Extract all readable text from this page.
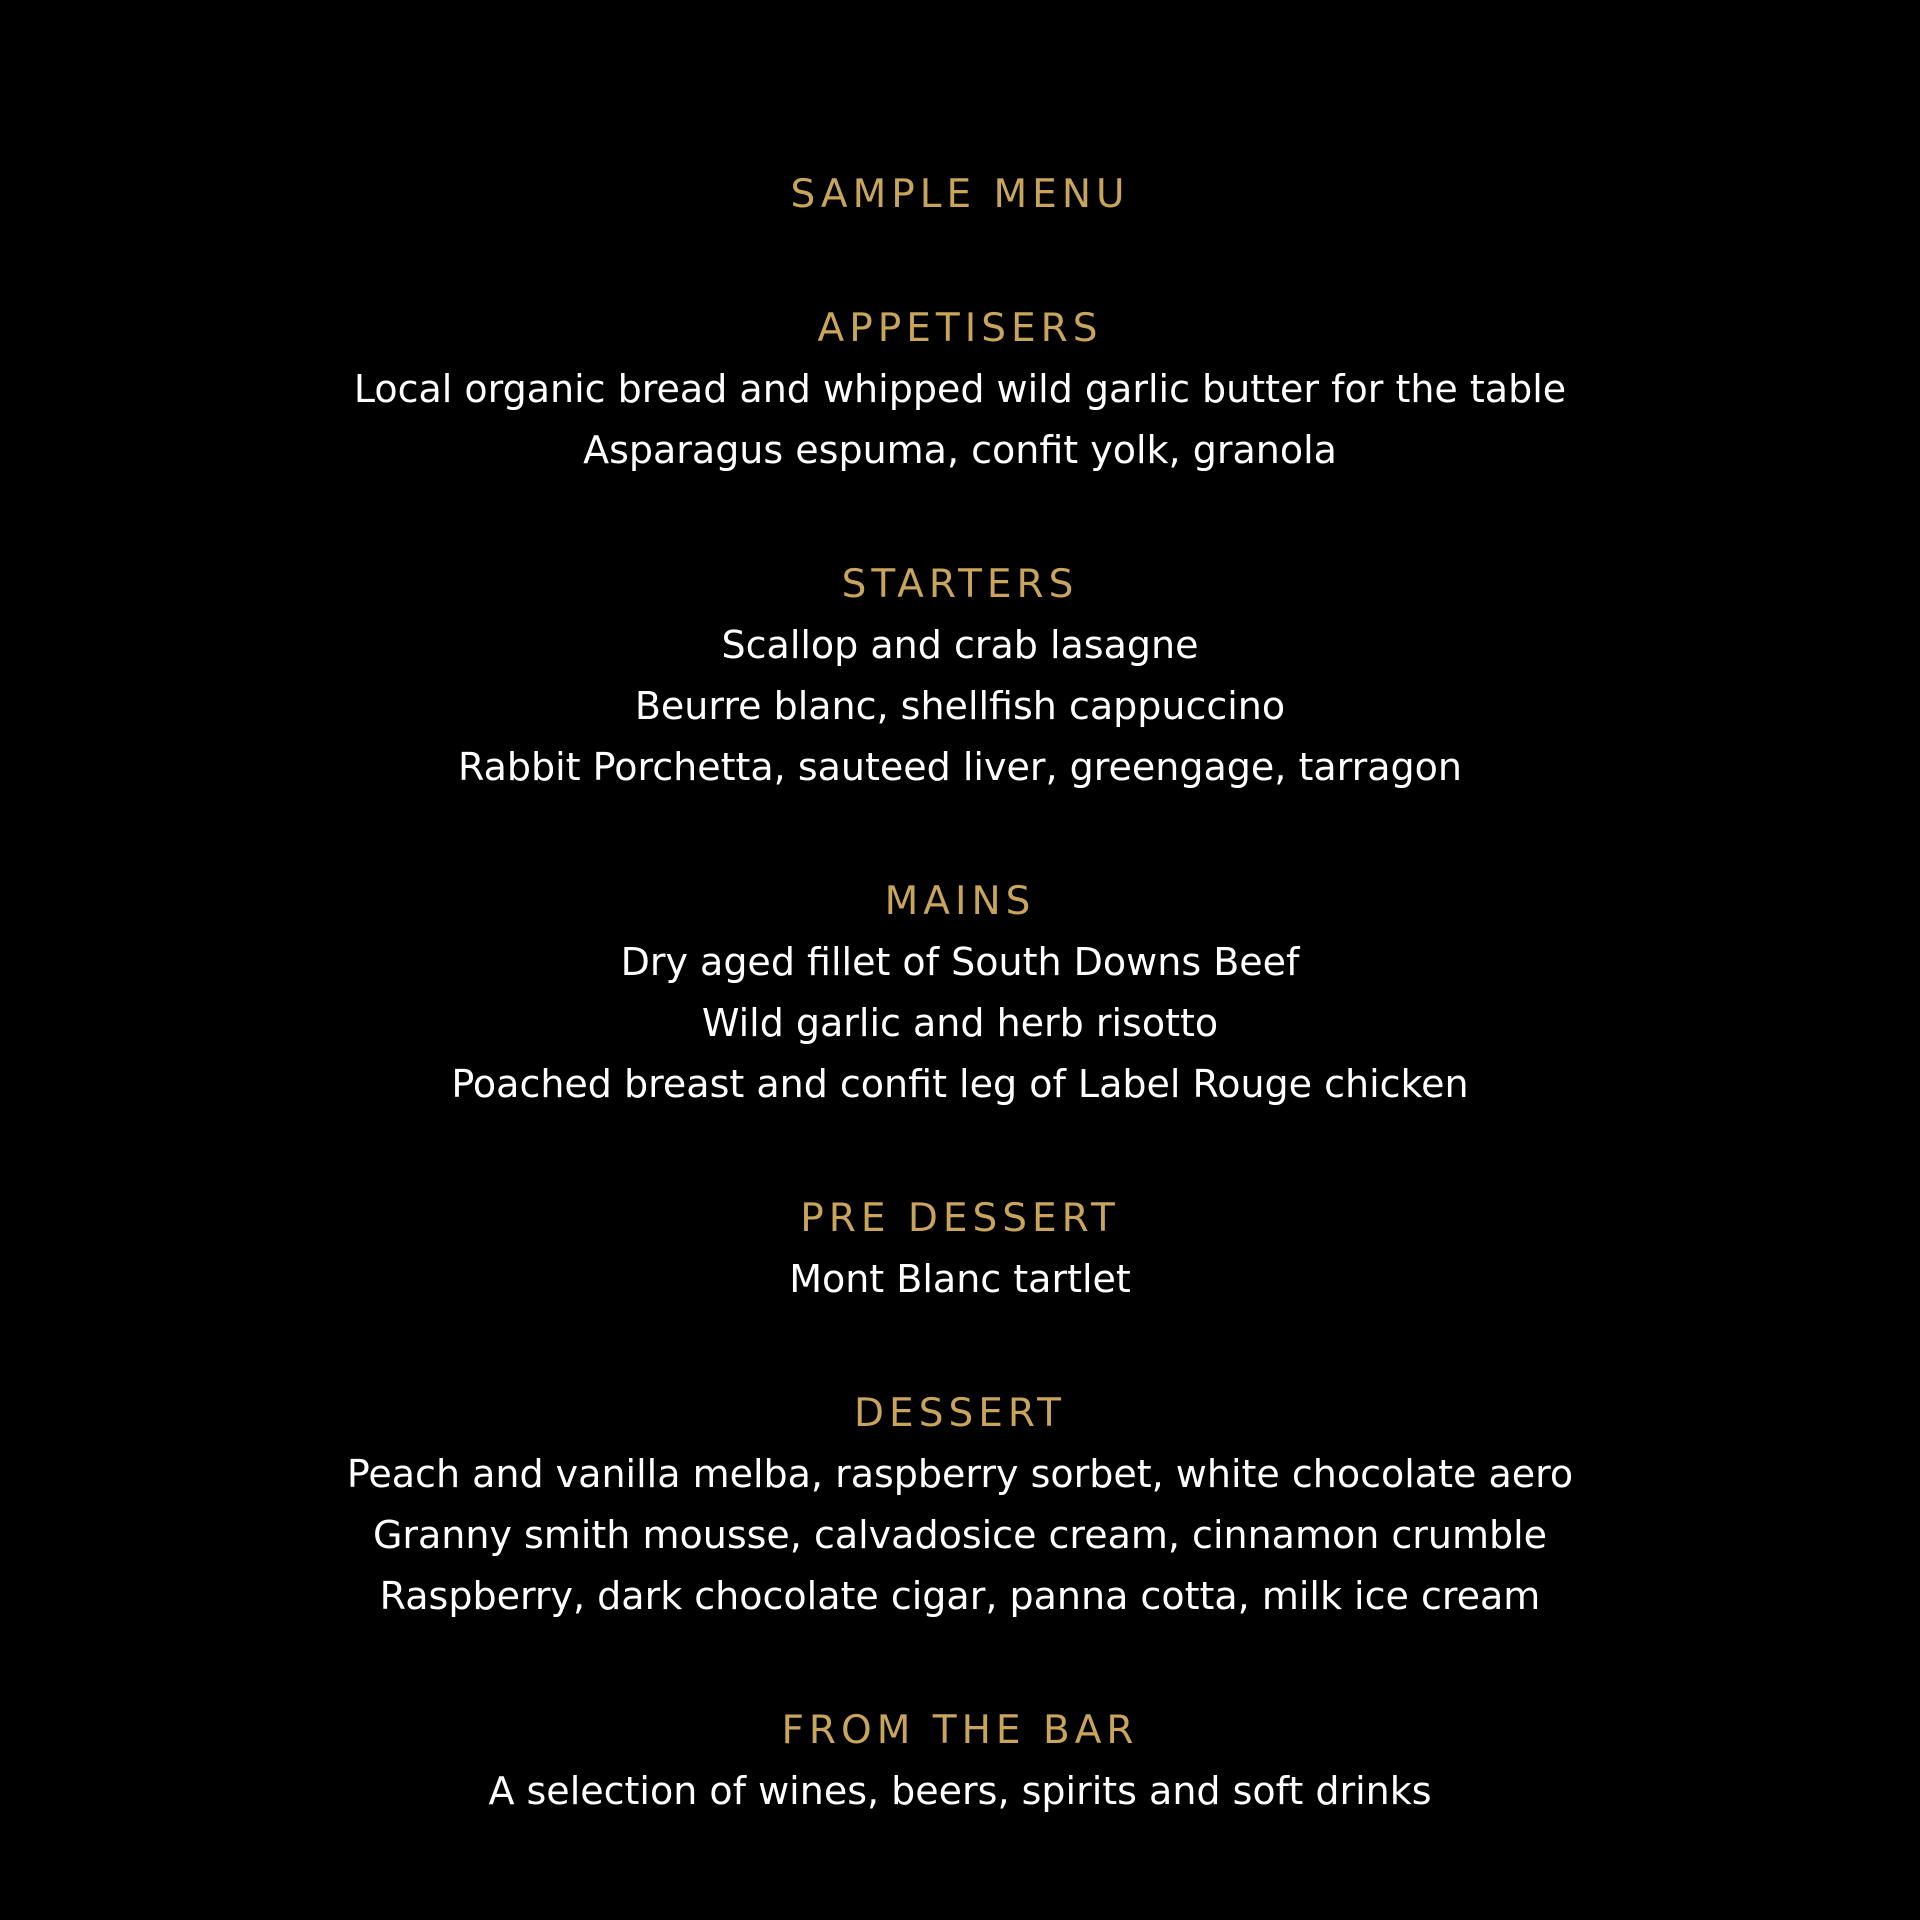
SAMPLE MENU
APPETISERS
Local organic bread and whipped wild garlic butter for the table
Asparagus espuma, confit yolk, granola
STARTERS
Scallop and crab lasagne
Beurre blanc, shellfish cappuccino
Rabbit Porchetta, sauteed liver, greengage, tarragon
MAINS
Dry aged fillet of South Downs Beef
Wild garlic and herb risotto
Poached breast and confit leg of Label Rouge chicken
PRE DESSERT
Mont Blanc tartlet
DESSERT
Peach and vanilla melba, raspberry sorbet, white chocolate aero
Granny smith mousse, calvadosice cream, cinnamon crumble
Raspberry, dark chocolate cigar, panna cotta, milk ice cream
FROM THE BAR
A selection of wines, beers, spirits and soft drinks
